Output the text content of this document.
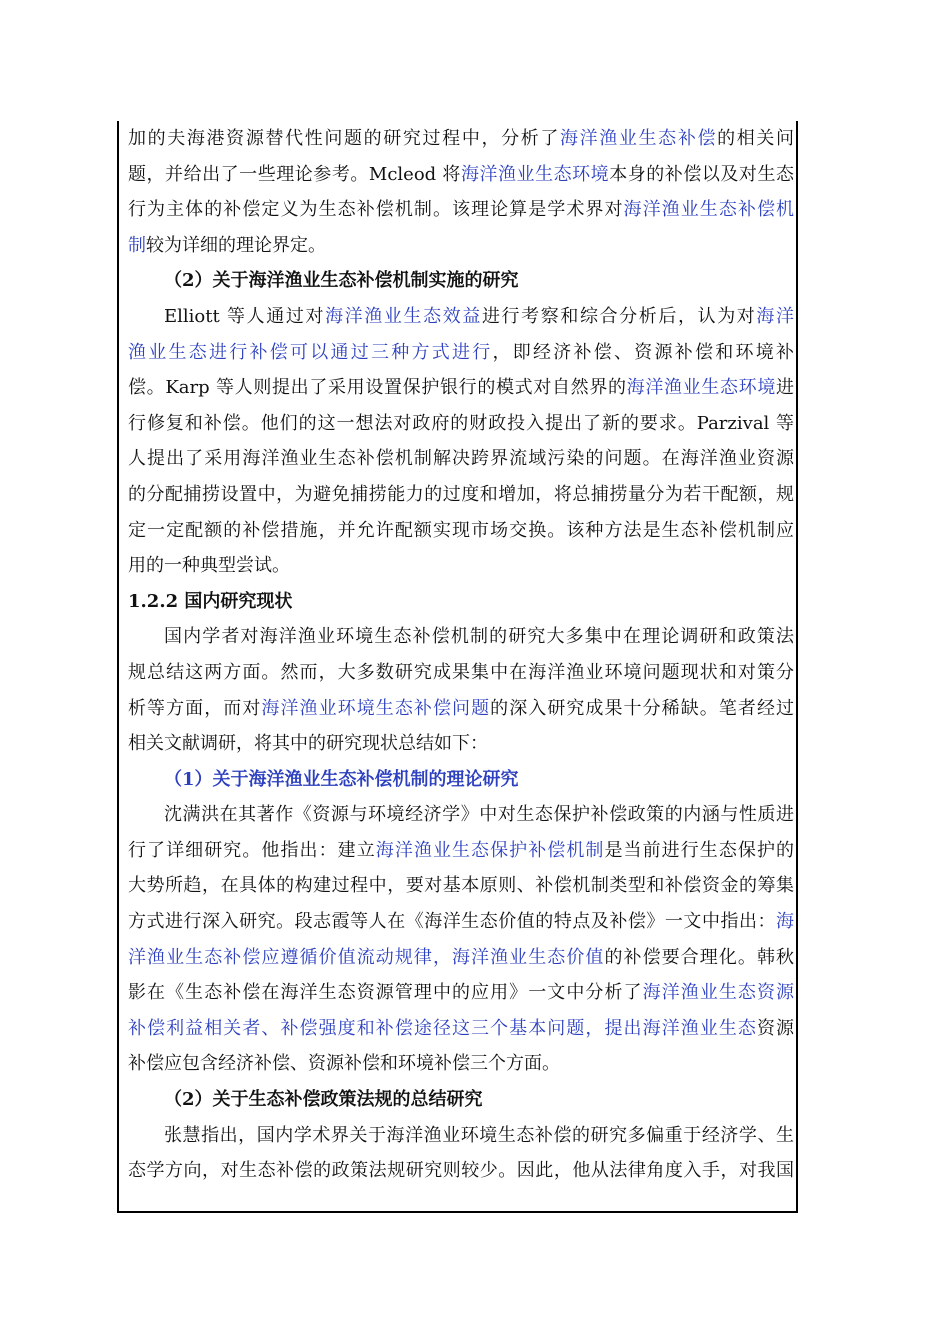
加的夫海港资源替代性问题的研究过程中，分析了海洋渔业生态补偿的相关问
题，并给出了一些理论参考。Mcleod 将海洋渔业生态环境本身的补偿以及对生态
行为主体的补偿定义为生态补偿机制。该理论算是学术界对海洋渔业生态补偿机
制较为详细的理论界定。
（2）关于海洋渔业生态补偿机制实施的研究
Elliott 等人通过对海洋渔业生态效益进行考察和综合分析后，认为对海洋
渔业生态进行补偿可以通过三种方式进行，即经济补偿、资源补偿和环境补
偿。Karp 等人则提出了采用设置保护银行的模式对自然界的海洋渔业生态环境进
行修复和补偿。他们的这一想法对政府的财政投入提出了新的要求。Parzival 等
人提出了采用海洋渔业生态补偿机制解决跨界流域污染的问题。在海洋渔业资源
的分配捕捞设置中，为避免捕捞能力的过度和增加，将总捕捞量分为若干配额，规
定一定配额的补偿措施，并允许配额实现市场交换。该种方法是生态补偿机制应
用的一种典型尝试。
1.2.2 国内研究现状
国内学者对海洋渔业环境生态补偿机制的研究大多集中在理论调研和政策法
规总结这两方面。然而，大多数研究成果集中在海洋渔业环境问题现状和对策分
析等方面，而对海洋渔业环境生态补偿问题的深入研究成果十分稀缺。笔者经过
相关文献调研，将其中的研究现状总结如下：
（1）关于海洋渔业生态补偿机制的理论研究
沈满洪在其著作《资源与环境经济学》中对生态保护补偿政策的内涵与性质进
行了详细研究。他指出：建立海洋渔业生态保护补偿机制是当前进行生态保护的
大势所趋，在具体的构建过程中，要对基本原则、补偿机制类型和补偿资金的筹集
方式进行深入研究。段志霞等人在《海洋生态价值的特点及补偿》一文中指出：海
洋渔业生态补偿应遵循价值流动规律，海洋渔业生态价值的补偿要合理化。韩秋
影在《生态补偿在海洋生态资源管理中的应用》一文中分析了海洋渔业生态资源
补偿利益相关者、补偿强度和补偿途径这三个基本问题，提出海洋渔业生态资源
补偿应包含经济补偿、资源补偿和环境补偿三个方面。
（2）关于生态补偿政策法规的总结研究
张慧指出，国内学术界关于海洋渔业环境生态补偿的研究多偏重于经济学、生
态学方向，对生态补偿的政策法规研究则较少。因此，他从法律角度入手，对我国
